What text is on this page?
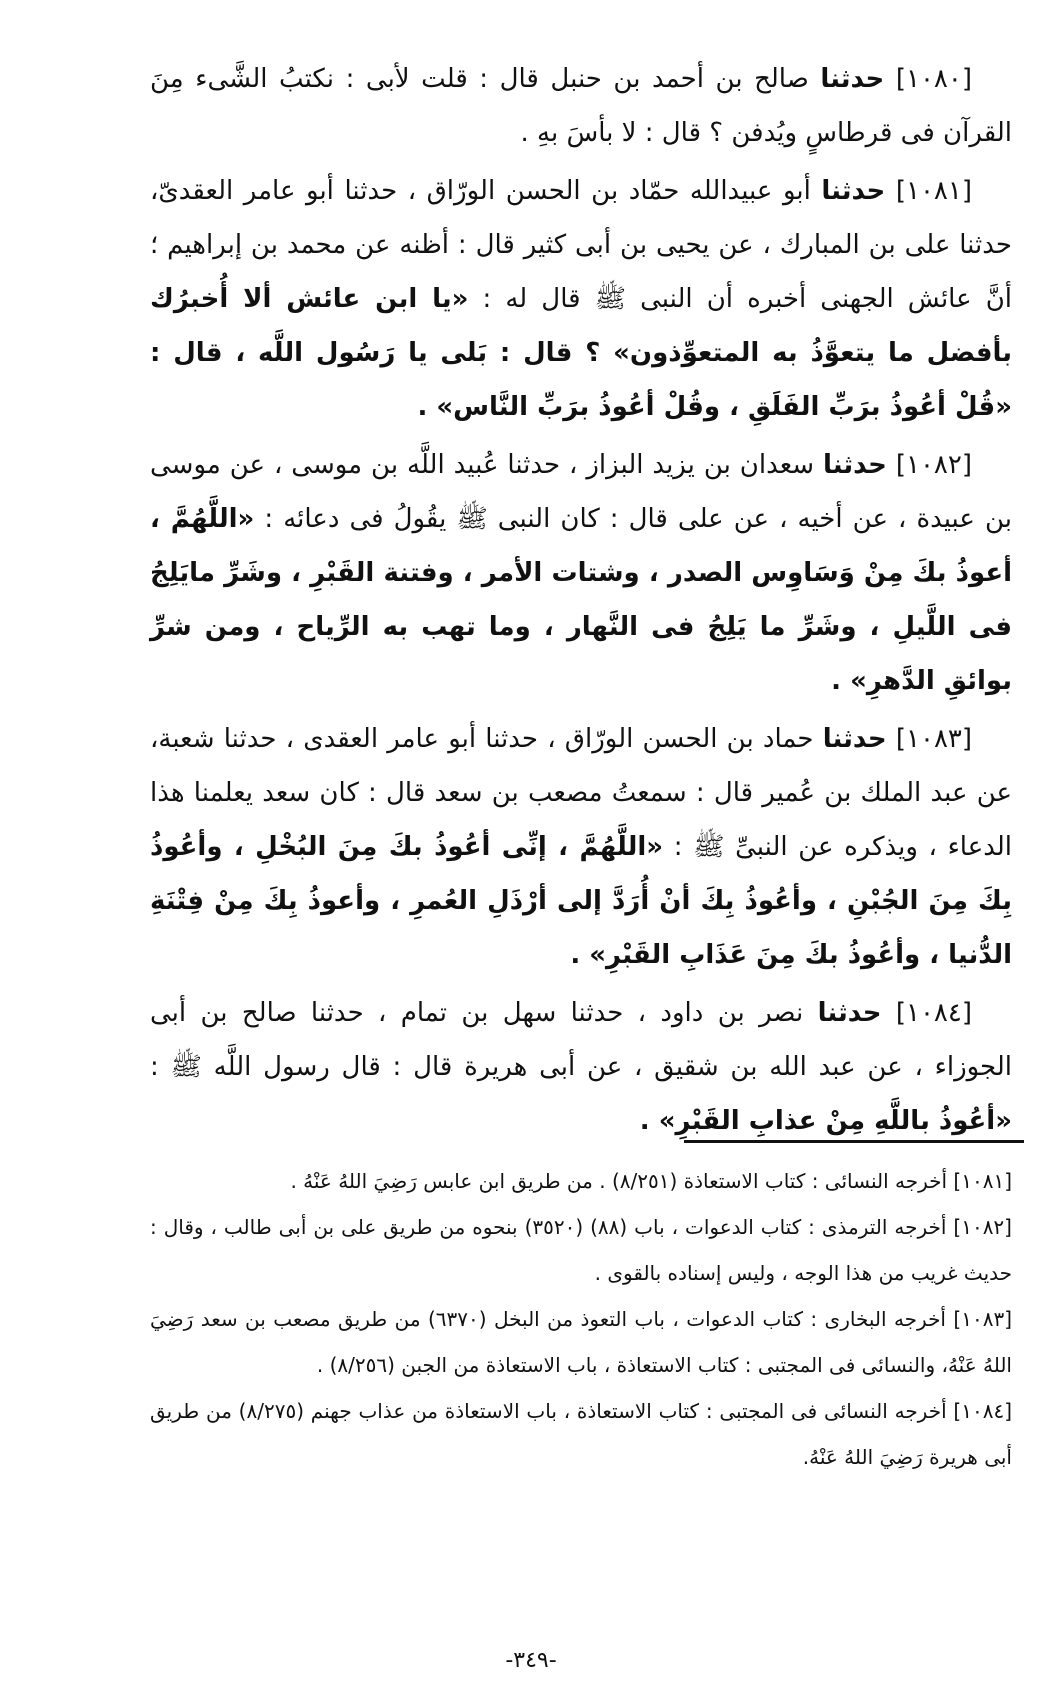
[١٠٨٠] حدثنا صالح بن أحمد بن حنبل قال : قلت لأبى : نكتبُ الشَّىء مِنَ القرآن فى قرطاسٍ ويُدفن ؟ قال : لا بأسَ بهِ .

[١٠٨١] حدثنا أبو عبيدالله حمّاد بن الحسن الورّاق ، حدثنا أبو عامر العقدىّ، حدثنا على بن المبارك ، عن يحيى بن أبى كثير قال : أظنه عن محمد بن إبراهيم ؛ أنَّ عائش الجهنى أخبره أن النبى ﷺ قال له : «يا ابن عائش ألا أُخبرُك بأفضل ما يتعوَّذُ به المتعوِّذون» ؟ قال : بَلى يا رَسُول اللَّه ، قال : «قُلْ أعُوذُ برَبِّ الفَلَقِ ، وقُلْ أعُوذُ برَبِّ النَّاس» .

[١٠٨٢] حدثنا سعدان بن يزيد البزاز ، حدثنا عُبيد اللَّه بن موسى ، عن موسى بن عبيدة ، عن أخيه ، عن على قال : كان النبى ﷺ يقُولُ فى دعائه : «اللَّهُمَّ ، أعوذُ بكَ مِنْ وَسَاوِس الصدر ، وشتات الأمر ، وفتنة القَبْرِ ، وشَرِّ مايَلِجُ فى اللَّيلِ ، وشَرِّ ما يَلِجُ فى النَّهار ، وما تهب به الرِّياح ، ومن شرِّ بوائقِ الدَّهرِ» .

[١٠٨٣] حدثنا حماد بن الحسن الورّاق ، حدثنا أبو عامر العقدى ، حدثنا شعبة، عن عبد الملك بن عُمير قال : سمعتُ مصعب بن سعد قال : كان سعد يعلمنا هذا الدعاء ، ويذكره عن النبىِّ ﷺ : «اللَّهُمَّ ، إنِّى أعُوذُ بكَ مِنَ البُخْلِ ، وأعُوذُ بِكَ مِنَ الجُبْنِ ، وأعُوذُ بِكَ أنْ أُرَدَّ إلى أرْذَلِ العُمرِ ، وأعوذُ بِكَ مِنْ فِتْنَةِ الدُّنيا ، وأعُوذُ بكَ مِنَ عَذَابِ القَبْرِ» .

[١٠٨٤] حدثنا نصر بن داود ، حدثنا سهل بن تمام ، حدثنا صالح بن أبى الجوزاء ، عن عبد الله بن شقيق ، عن أبى هريرة قال : قال رسول اللَّه ﷺ : «أعُوذُ باللَّهِ مِنْ عذابِ القَبْرِ» .

[١٠٨١] أخرجه النسائى : كتاب الاستعاذة (٨/٢٥١) . من طريق ابن عابس رَضِيَ اللهُ عَنْهُ .

[١٠٨٢] أخرجه الترمذى : كتاب الدعوات ، باب (٨٨) (٣٥٢٠) بنحوه من طريق على بن أبى طالب ، وقال : حديث غريب من هذا الوجه ، وليس إسناده بالقوى .

[١٠٨٣] أخرجه البخارى : كتاب الدعوات ، باب التعوذ من البخل (٦٣٧٠) من طريق مصعب بن سعد رَضِيَ اللهُ عَنْهُ، والنسائى فى المجتبى : كتاب الاستعاذة ، باب الاستعاذة من الجبن (٨/٢٥٦) .

[١٠٨٤] أخرجه النسائى فى المجتبى : كتاب الاستعاذة ، باب الاستعاذة من عذاب جهنم (٨/٢٧٥) من طريق أبى هريرة رَضِيَ اللهُ عَنْهُ.

-٣٤٩-
